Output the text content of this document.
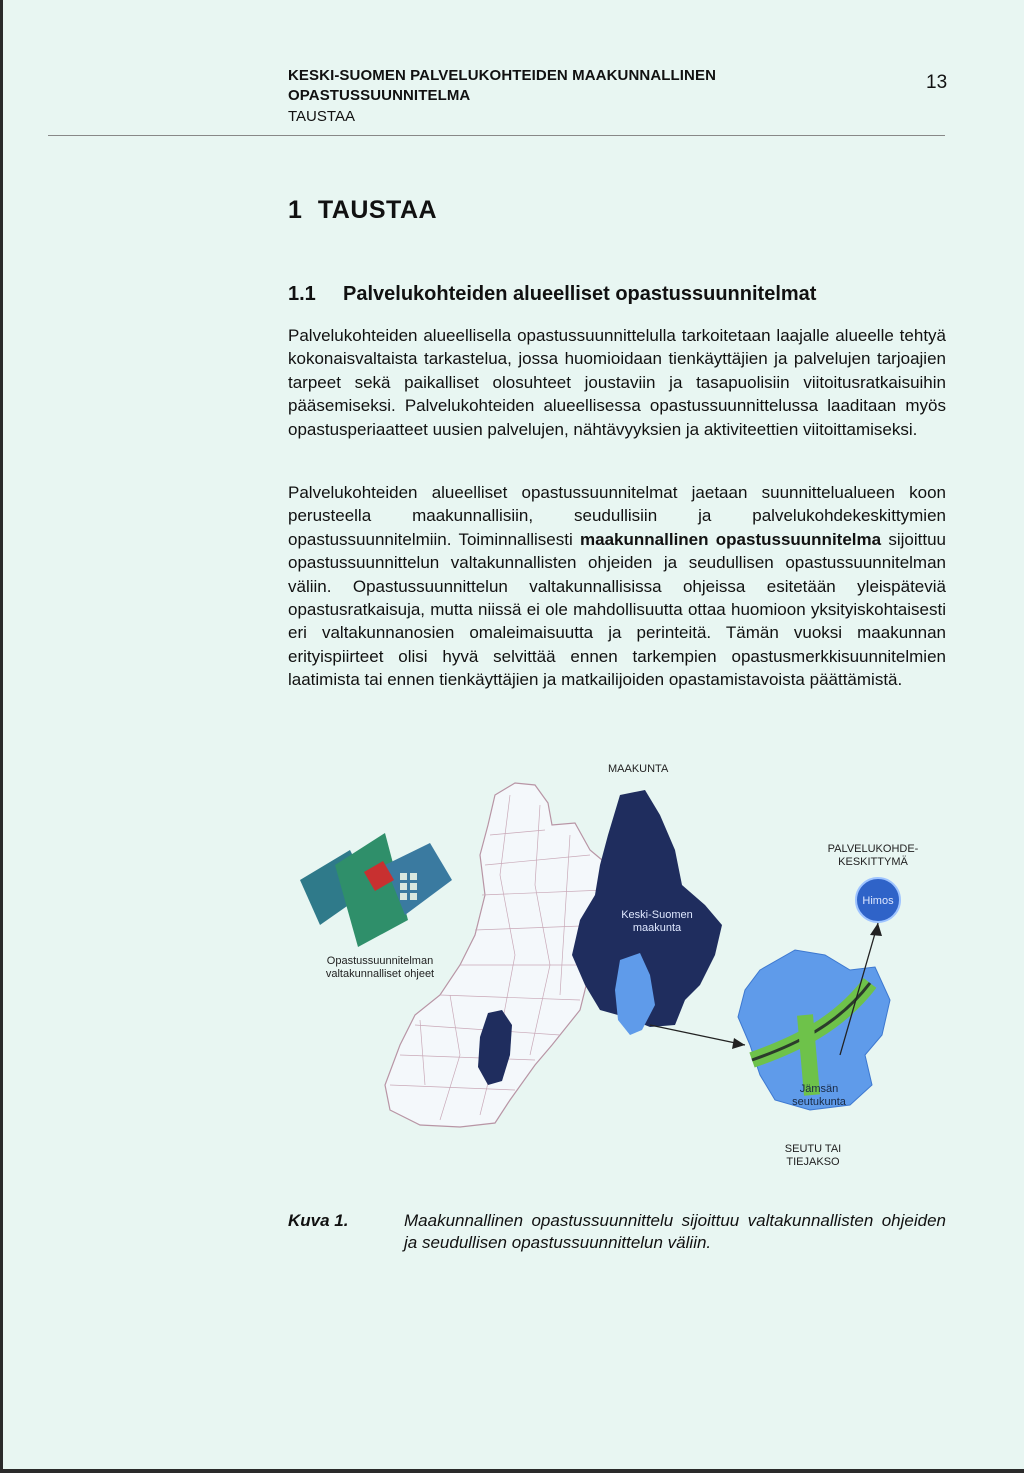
KESKI-SUOMEN PALVELUKOHTEIDEN MAAKUNNALLINEN
OPASTUSSUUNNITELMA
TAUSTAA
13
1 TAUSTAA
1.1 Palvelukohteiden alueelliset opastussuunnitelmat
Palvelukohteiden alueellisella opastussuunnittelulla tarkoitetaan laajalle alueelle tehtyä kokonaisvaltaista tarkastelua, jossa huomioidaan tienkäyttäjien ja palvelujen tarjoajien tarpeet sekä paikalliset olosuhteet joustaviin ja tasapuolisiin viitoitusratkaisuihin pääsemiseksi. Palvelukohteiden alueellisessa opastussuunnittelussa laaditaan myös opastusperiaatteet uusien palvelujen, nähtävyyksien ja aktiviteettien viitoittamiseksi.
Palvelukohteiden alueelliset opastussuunnitelmat jaetaan suunnittelualueen koon perusteella maakunnallisiin, seudullisiin ja palvelukohdekeskittymien opastussuunnitelmiin. Toiminnallisesti maakunnallinen opastussuunnitelma sijoittuu opastussuunnittelun valtakunnallisten ohjeiden ja seudullisen opastussuunnitelman väliin. Opastussuunnittelun valtakunnallisissa ohjeissa esitetään yleispäteviä opastusratkaisuja, mutta niissä ei ole mahdollisuutta ottaa huomioon yksityiskohtaisesti eri valtakunnanosien omaleimaisuutta ja perinteitä. Tämän vuoksi maakunnan erityispiirteet olisi hyvä selvittää ennen tarkempien opastusmerkkisuunnitelmien laatimista tai ennen tienkäyttäjien ja matkailijoiden opastamistavoista päättämistä.
MAAKUNTA
Keski-Suomen maakunta
PALVELUKOHDE-KESKITTYMÄ
Himos
Opastussuunnitelman valtakunnalliset ohjeet
Jämsän seutukunta
SEUTU TAI TIEJAKSO
Kuva 1.	Maakunnallinen opastussuunnittelu sijoittuu valtakunnallisten ohjeiden ja seudullisen opastussuunnittelun väliin.
